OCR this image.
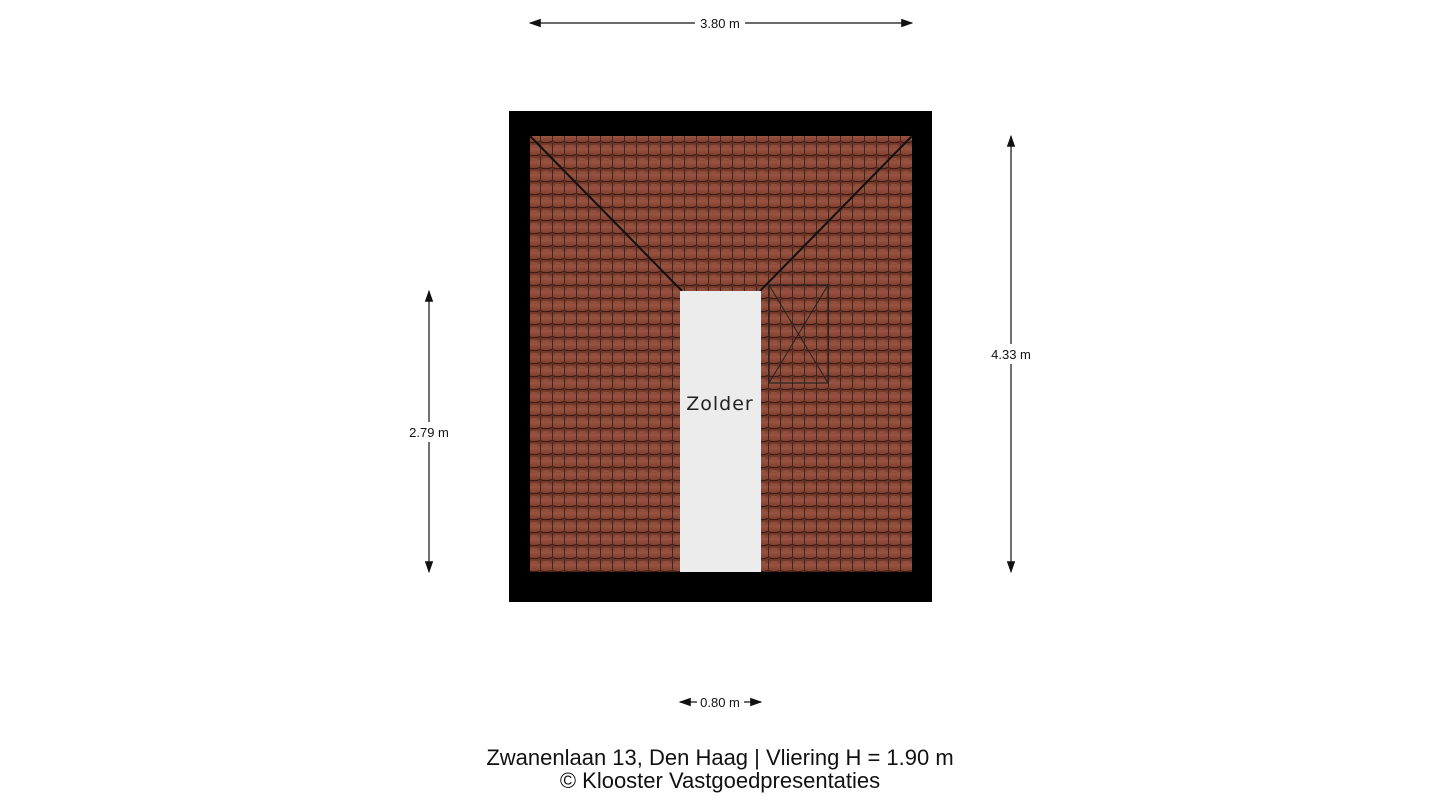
Zolder
3.80 m
4.33 m
2.79 m
0.80 m
Zwanenlaan 13, Den Haag | Vliering H = 1.90 m
© Klooster Vastgoedpresentaties
